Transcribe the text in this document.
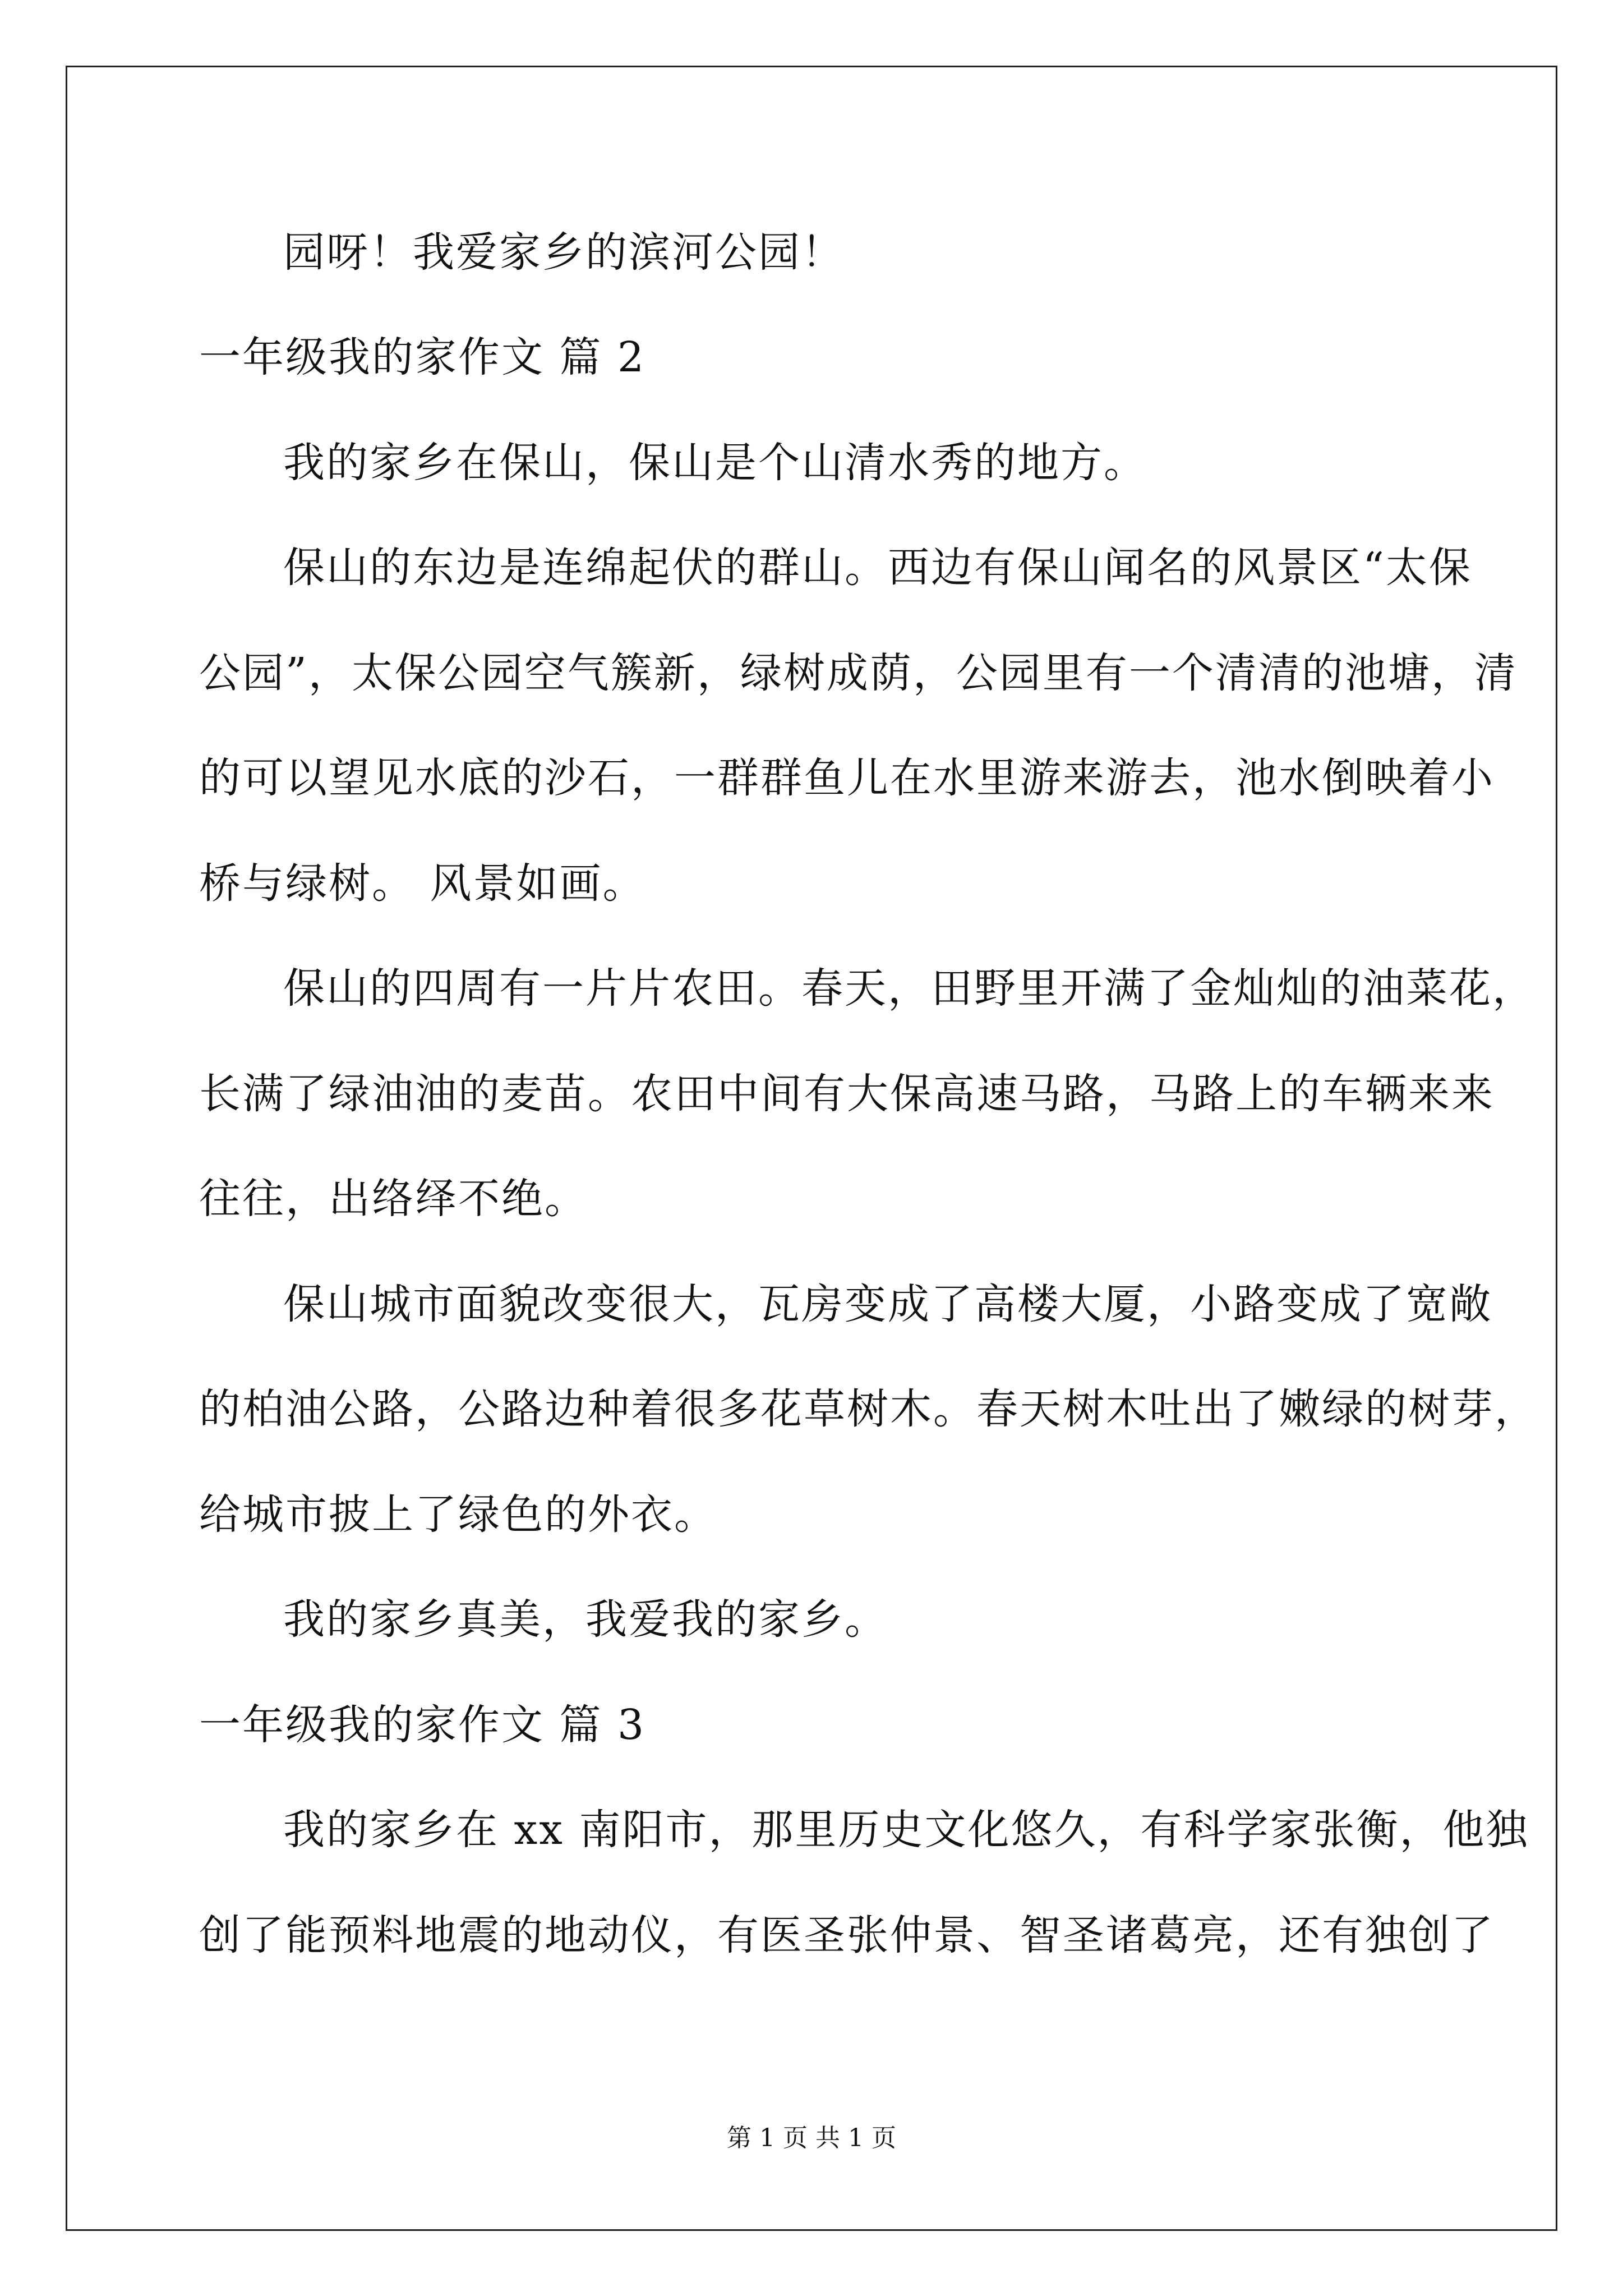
园呀！我爱家乡的滨河公园！
一年级我的家作文 篇 2
我的家乡在保山，保山是个山清水秀的地方。
保山的东边是连绵起伏的群山。西边有保山闻名的风景区“太保
公园”，太保公园空气簇新，绿树成荫，公园里有一个清清的池塘，清
的可以望见水底的沙石，一群群鱼儿在水里游来游去，池水倒映着小
桥与绿树。 风景如画。
保山的四周有一片片农田。春天，田野里开满了金灿灿的油菜花，
长满了绿油油的麦苗。农田中间有大保高速马路，马路上的车辆来来
往往，出络绎不绝。
保山城市面貌改变很大，瓦房变成了高楼大厦，小路变成了宽敞
的柏油公路，公路边种着很多花草树木。春天树木吐出了嫩绿的树芽，
给城市披上了绿色的外衣。
我的家乡真美，我爱我的家乡。
一年级我的家作文 篇 3
我的家乡在 xx 南阳市，那里历史文化悠久，有科学家张衡，他独
创了能预料地震的地动仪，有医圣张仲景、智圣诸葛亮，还有独创了
第 1 页 共 1 页
